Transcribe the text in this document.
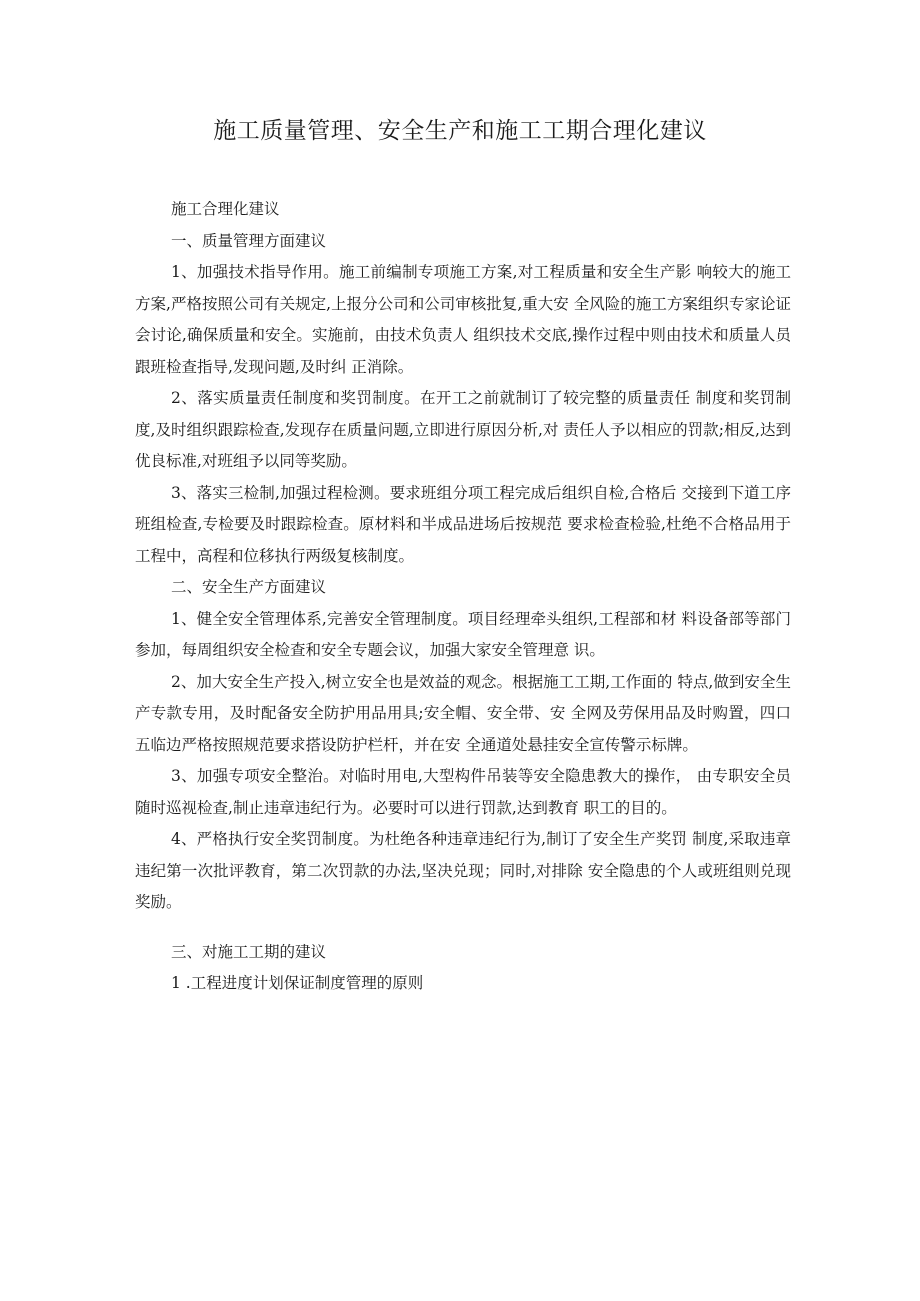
施工质量管理、安全生产和施工工期合理化建议

施工合理化建议

一、质量管理方面建议

1、加强技术指导作用。施工前编制专项施工方案,对工程质量和安全生产影 响较大的施工方案,严格按照公司有关规定,上报分公司和公司审核批复,重大安 全风险的施工方案组织专家论证会讨论,确保质量和安全。实施前，由技术负责人 组织技术交底,操作过程中则由技术和质量人员跟班检查指导,发现问题,及时纠 正消除。

2、落实质量责任制度和奖罚制度。在开工之前就制订了较完整的质量责任 制度和奖罚制度,及时组织跟踪检查,发现存在质量问题,立即进行原因分析,对 责任人予以相应的罚款;相反,达到优良标准,对班组予以同等奖励。

3、落实三检制,加强过程检测。要求班组分项工程完成后组织自检,合格后 交接到下道工序班组检查,专检要及时跟踪检查。原材料和半成品进场后按规范 要求检查检验,杜绝不合格品用于工程中，高程和位移执行两级复核制度。

二、安全生产方面建议

1、健全安全管理体系,完善安全管理制度。项目经理牵头组织,工程部和材 料设备部等部门参加，每周组织安全检查和安全专题会议，加强大家安全管理意 识。

2、加大安全生产投入,树立安全也是效益的观念。根据施工工期,工作面的 特点,做到安全生产专款专用，及时配备安全防护用品用具;安全帽、安全带、安 全网及劳保用品及时购置，四口五临边严格按照规范要求搭设防护栏杆，并在安 全通道处悬挂安全宣传警示标牌。

3、加强专项安全整治。对临时用电,大型构件吊装等安全隐患教大的操作， 由专职安全员随时巡视检查,制止违章违纪行为。必要时可以进行罚款,达到教育 职工的目的。

4、严格执行安全奖罚制度。为杜绝各种违章违纪行为,制订了安全生产奖罚 制度,采取违章违纪第一次批评教育，第二次罚款的办法,坚决兑现；同时,对排除 安全隐患的个人或班组则兑现奖励。

三、对施工工期的建议

1 .工程进度计划保证制度管理的原则
